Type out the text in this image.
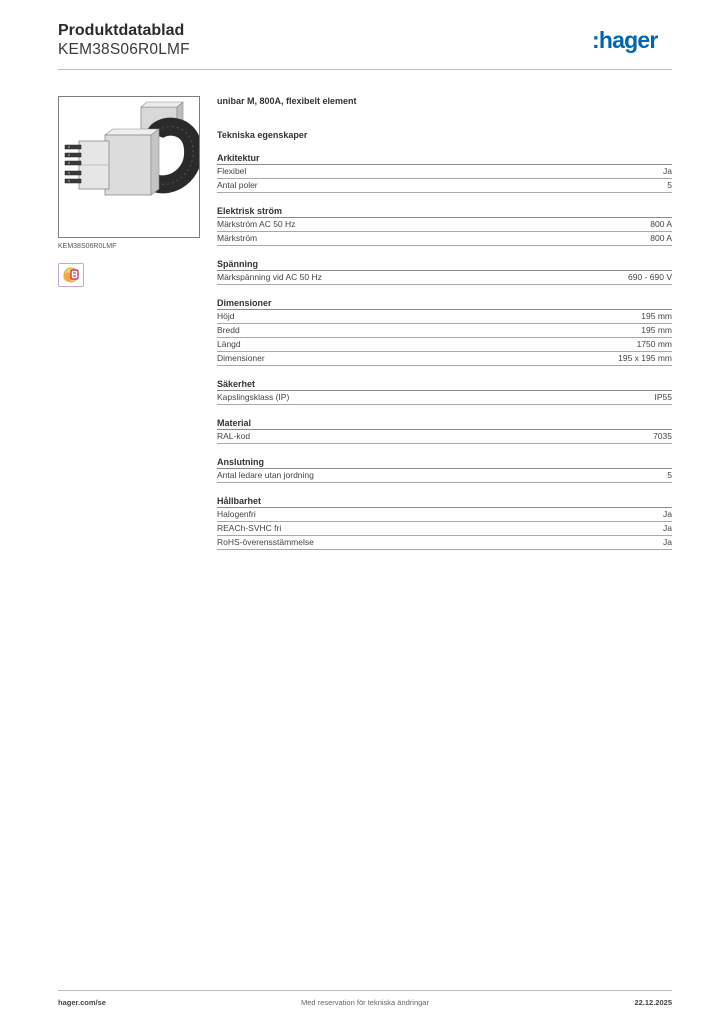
Produktdatablad
KEM38S06R0LMF	:hager
KEM38S06R0LMF
unibar M, 800A, flexibelt element
Tekniska egenskaper
Arkitektur
Flexibel	Ja
Antal poler	5
Elektrisk ström
Märkström AC 50 Hz	800 A
Märkström	800 A
Spänning
Märkspänning vid AC 50 Hz	690 - 690 V
Dimensioner
Höjd	195 mm
Bredd	195 mm
Längd	1750 mm
Dimensioner	195 x 195 mm
Säkerhet
Kapslingsklass (IP)	IP55
Material
RAL-kod	7035
Anslutning
Antal ledare utan jordning	5
Hållbarhet
Halogenfri	Ja
REACh-SVHC fri	Ja
RoHS-överensstämmelse	Ja
hager.com/se	Med reservation för tekniska ändringar	22.12.2025
